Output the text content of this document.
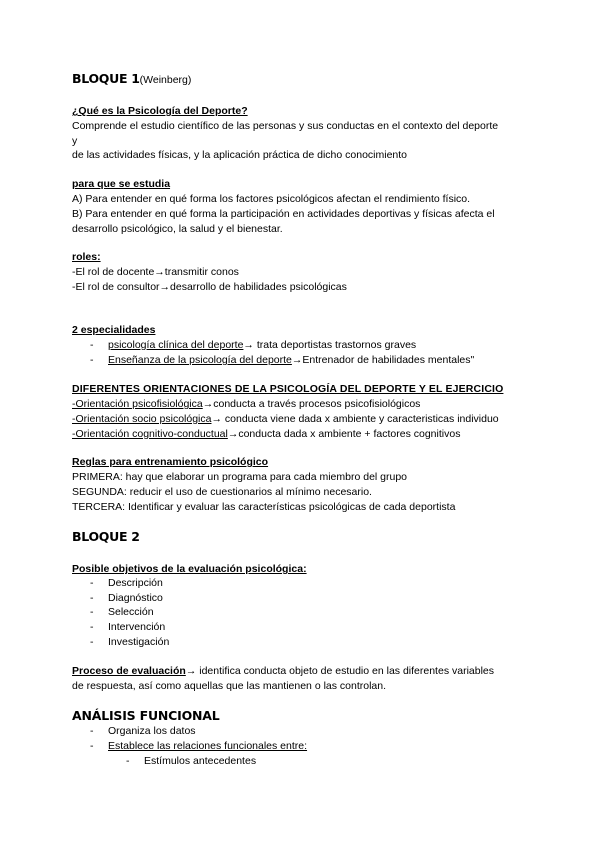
BLOQUE 1(Weinberg)
¿Qué es la Psicología del Deporte?
Comprende el estudio científico de las personas y sus conductas en el contexto del deporte
y
de las actividades físicas, y la aplicación práctica de dicho conocimiento
para que se estudia
A) Para entender en qué forma los factores psicológicos afectan el rendimiento físico.
B) Para entender en qué forma la participación en actividades deportivas y físicas afecta el
desarrollo psicológico, la salud y el bienestar.
roles:
-El rol de docente→transmitir conos
-El rol de consultor→desarrollo de habilidades psicológicas
2 especialidades
- psicología clínica del deporte→ trata deportistas trastornos graves
- Enseñanza de la psicología del deporte→Entrenador de habilidades mentales"
DIFERENTES ORIENTACIONES DE LA PSICOLOGÍA DEL DEPORTE Y EL EJERCICIO
-Orientación psicofisiológica→conducta a través procesos psicofisiológicos
-Orientación socio psicológica→ conducta viene dada x ambiente y caracteristicas individuo
-Orientación cognitivo-conductual→conducta dada x ambiente + factores cognitivos
Reglas para entrenamiento psicológico
PRIMERA: hay que elaborar un programa para cada miembro del grupo
SEGUNDA: reducir el uso de cuestionarios al mínimo necesario.
TERCERA: Identificar y evaluar las características psicológicas de cada deportista
BLOQUE 2
Posible objetivos de la evaluación psicológica:
- Descripción
- Diagnóstico
- Selección
- Intervención
- Investigación
Proceso de evaluación→ identifica conducta objeto de estudio en las diferentes variables
de respuesta, así como aquellas que las mantienen o las controlan.
ANÁLISIS FUNCIONAL
- Organiza los datos
- Establece las relaciones funcionales entre:
- Estímulos antecedentes
